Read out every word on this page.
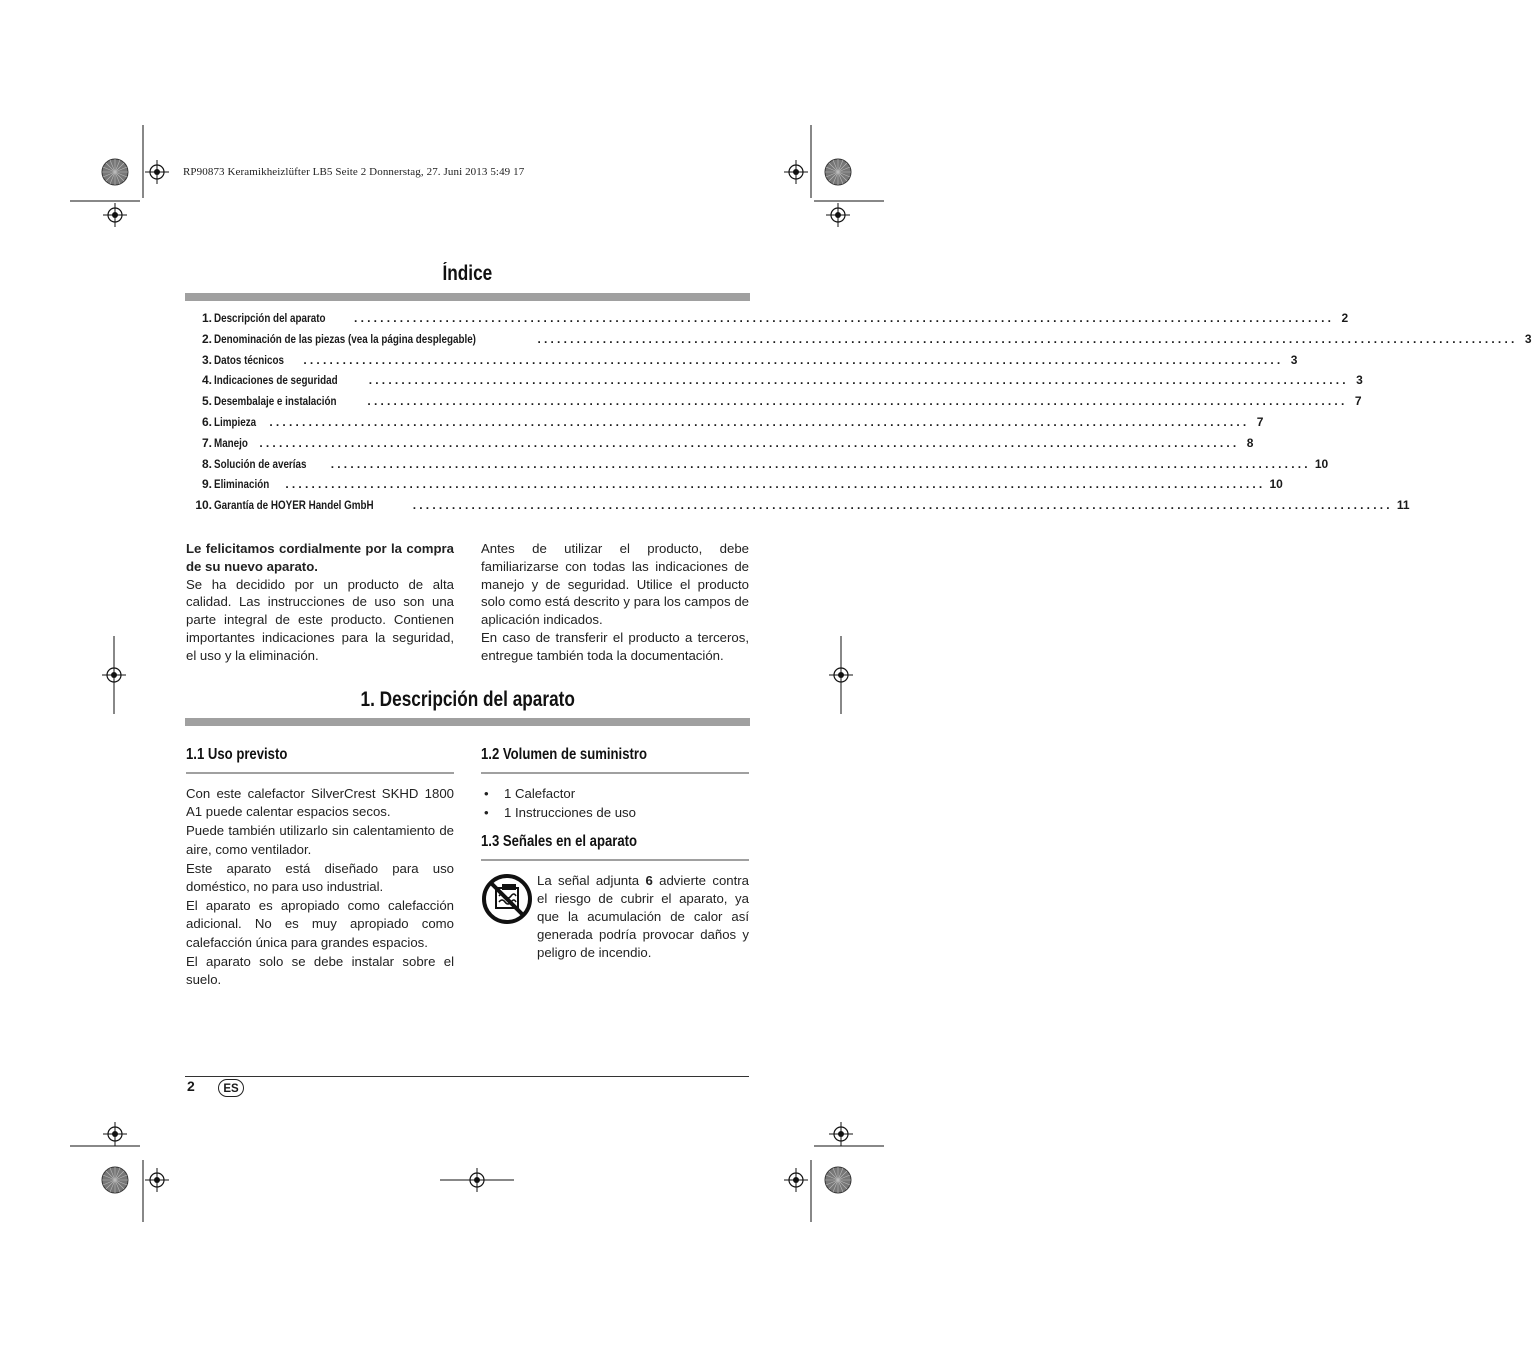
RP90873 Keramikheizlüfter LB5 Seite 2 Donnerstag, 27. Juni 2013 5:49 17
Índice
1. Descripción del aparato	...................................................................................................................................................... 2
2. Denominación de las piezas (vea la página desplegable)	...................................................................................................................................................... 3
3. Datos técnicos	...................................................................................................................................................... 3
4. Indicaciones de seguridad	...................................................................................................................................................... 3
5. Desembalaje e instalación	...................................................................................................................................................... 7
6. Limpieza	...................................................................................................................................................... 7
7. Manejo ...................................................................................................................................................... 8
8. Solución de averías	...................................................................................................................................................... 10
9. Eliminación	...................................................................................................................................................... 10
10. Garantía de HOYER Handel GmbH	...................................................................................................................................................... 11

Le felicitamos cordialmente por la compra de su nuevo aparato.

Se ha decidido por un producto de alta calidad. Las instrucciones de uso son una parte integral de este producto. Contienen importantes indicaciones para la seguridad, el uso y la eliminación.

Antes de utilizar el producto, debe familiarizarse con todas las indicaciones de manejo y de seguridad. Utilice el producto solo como está descrito y para los campos de aplicación indicados.

En caso de transferir el producto a terceros, entregue también toda la documentación.

1. Descripción del aparato
1.1 Uso previsto

Con este calefactor SilverCrest SKHD 1800 A1 puede calentar espacios secos.

Puede también utilizarlo sin calentamiento de aire, como ventilador.

Este aparato está diseñado para uso doméstico, no para uso industrial.

El aparato es apropiado como calefacción adicional. No es muy apropiado como calefacción única para grandes espacios.

El aparato solo se debe instalar sobre el suelo.

1.2 Volumen de suministro
• 1 Calefactor
• 1 Instrucciones de uso
1.3 Señales en el aparato

La señal adjunta 6 advierte contra el riesgo de cubrir el aparato, ya que la acumulación de calor así generada podría provocar daños y peligro de incendio.

2	ES
